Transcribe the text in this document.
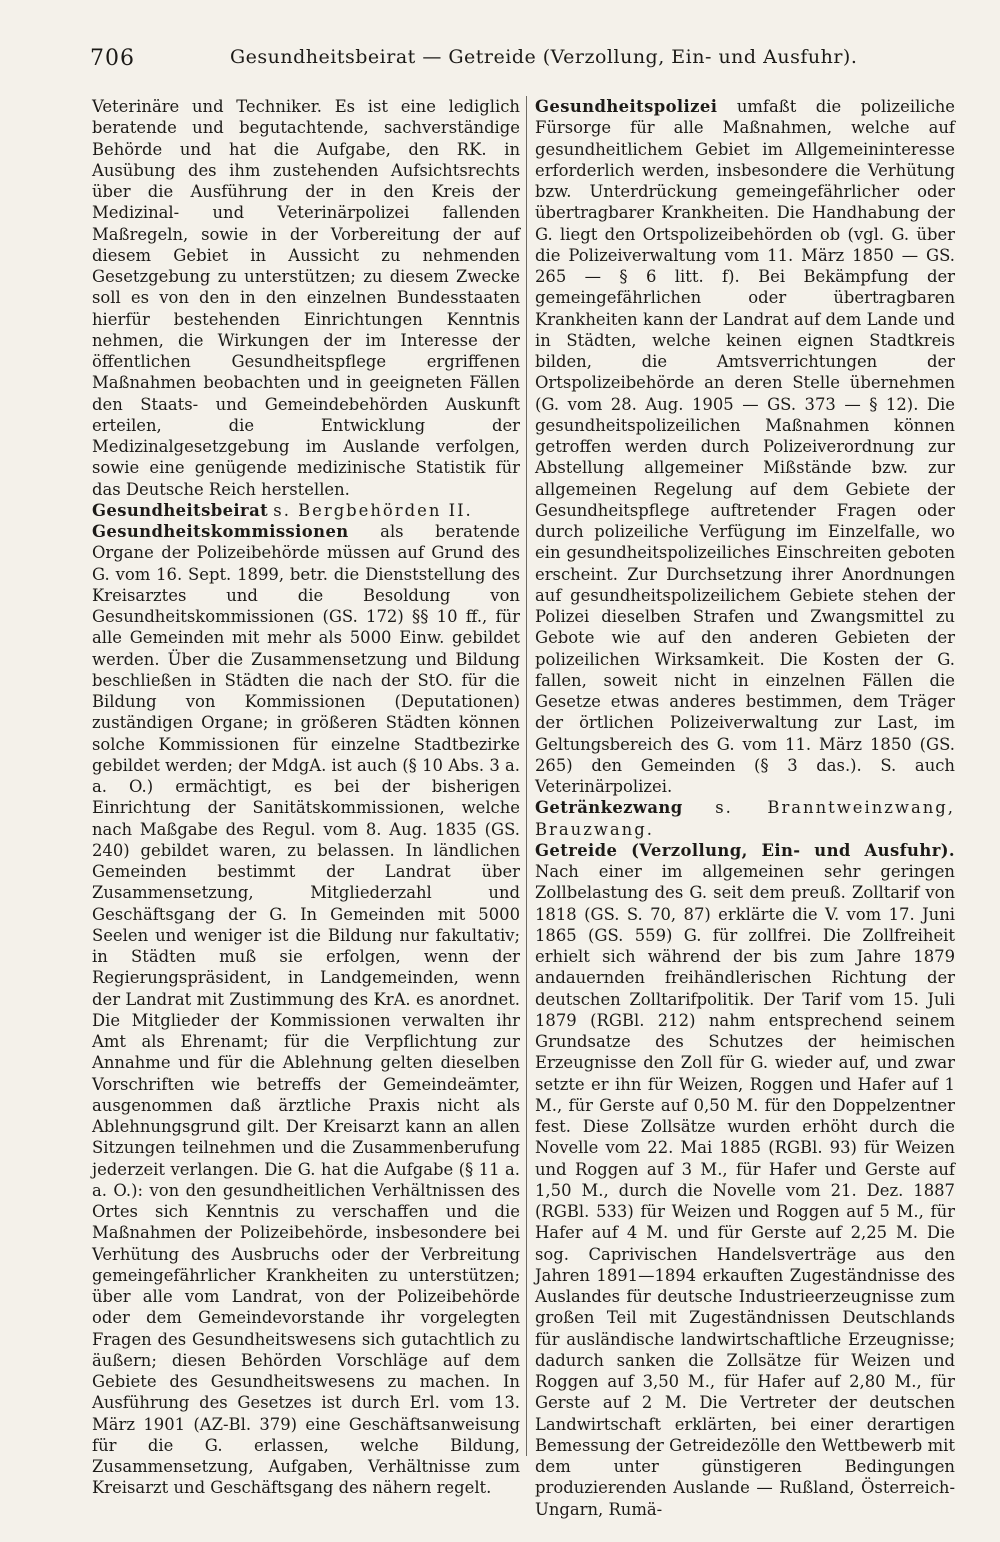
706	Gesundheitsbeirat — Getreide (Verzollung, Ein- und Ausfuhr).

Veterinäre und Techniker. Es ist eine lediglich beratende und begutachtende, sachverständige Behörde und hat die Aufgabe, den RK. in Ausübung des ihm zustehenden Aufsichtsrechts über die Ausführung der in den Kreis der Medizinal- und Veterinärpolizei fallenden Maßregeln, sowie in der Vorbereitung der auf diesem Gebiet in Aussicht zu nehmenden Gesetzgebung zu unterstützen; zu diesem Zwecke soll es von den in den einzelnen Bundesstaaten hierfür bestehenden Einrichtungen Kenntnis nehmen, die Wirkungen der im Interesse der öffentlichen Gesundheitspflege ergriffenen Maßnahmen beobachten und in geeigneten Fällen den Staats- und Gemeindebehörden Auskunft erteilen, die Entwicklung der Medizinalgesetzgebung im Auslande verfolgen, sowie eine genügende medizinische Statistik für das Deutsche Reich herstellen.

Gesundheitsbeirat s. Bergbehörden II.

Gesundheitskommissionen als beratende Organe der Polizeibehörde müssen auf Grund des G. vom 16. Sept. 1899, betr. die Dienststellung des Kreisarztes und die Besoldung von Gesundheitskommissionen (GS. 172) §§ 10 ff., für alle Gemeinden mit mehr als 5000 Einw. gebildet werden. Über die Zusammensetzung und Bildung beschließen in Städten die nach der StO. für die Bildung von Kommissionen (Deputationen) zuständigen Organe; in größeren Städten können solche Kommissionen für einzelne Stadtbezirke gebildet werden; der MdgA. ist auch (§ 10 Abs. 3 a. a. O.) ermächtigt, es bei der bisherigen Einrichtung der Sanitätskommissionen, welche nach Maßgabe des Regul. vom 8. Aug. 1835 (GS. 240) gebildet waren, zu belassen. In ländlichen Gemeinden bestimmt der Landrat über Zusammensetzung, Mitgliederzahl und Geschäftsgang der G. In Gemeinden mit 5000 Seelen und weniger ist die Bildung nur fakultativ; in Städten muß sie erfolgen, wenn der Regierungspräsident, in Landgemeinden, wenn der Landrat mit Zustimmung des KrA. es anordnet. Die Mitglieder der Kommissionen verwalten ihr Amt als Ehrenamt; für die Verpflichtung zur Annahme und für die Ablehnung gelten dieselben Vorschriften wie betreffs der Gemeindeämter, ausgenommen daß ärztliche Praxis nicht als Ablehnungsgrund gilt. Der Kreisarzt kann an allen Sitzungen teilnehmen und die Zusammenberufung jederzeit verlangen. Die G. hat die Aufgabe (§ 11 a. a. O.): von den gesundheitlichen Verhältnissen des Ortes sich Kenntnis zu verschaffen und die Maßnahmen der Polizeibehörde, insbesondere bei Verhütung des Ausbruchs oder der Verbreitung gemeingefährlicher Krankheiten zu unterstützen; über alle vom Landrat, von der Polizeibehörde oder dem Gemeindevorstande ihr vorgelegten Fragen des Gesundheitswesens sich gutachtlich zu äußern; diesen Behörden Vorschläge auf dem Gebiete des Gesundheitswesens zu machen. In Ausführung des Gesetzes ist durch Erl. vom 13. März 1901 (AZ-Bl. 379) eine Geschäftsanweisung für die G. erlassen, welche Bildung, Zusammensetzung, Aufgaben, Verhältnisse zum Kreisarzt und Geschäftsgang des nähern regelt.

Gesundheitspolizei umfaßt die polizeiliche Fürsorge für alle Maßnahmen, welche auf gesundheitlichem Gebiet im Allgemeininteresse erforderlich werden, insbesondere die Verhütung bzw. Unterdrückung gemeingefährlicher oder übertragbarer Krankheiten. Die Handhabung der G. liegt den Ortspolizeibehörden ob (vgl. G. über die Polizeiverwaltung vom 11. März 1850 — GS. 265 — § 6 litt. f). Bei Bekämpfung der gemeingefährlichen oder übertragbaren Krankheiten kann der Landrat auf dem Lande und in Städten, welche keinen eignen Stadtkreis bilden, die Amtsverrichtungen der Ortspolizeibehörde an deren Stelle übernehmen (G. vom 28. Aug. 1905 — GS. 373 — § 12). Die gesundheitspolizeilichen Maßnahmen können getroffen werden durch Polizeiverordnung zur Abstellung allgemeiner Mißstände bzw. zur allgemeinen Regelung auf dem Gebiete der Gesundheitspflege auftretender Fragen oder durch polizeiliche Verfügung im Einzelfalle, wo ein gesundheitspolizeiliches Einschreiten geboten erscheint. Zur Durchsetzung ihrer Anordnungen auf gesundheitspolizeilichem Gebiete stehen der Polizei dieselben Strafen und Zwangsmittel zu Gebote wie auf den anderen Gebieten der polizeilichen Wirksamkeit. Die Kosten der G. fallen, soweit nicht in einzelnen Fällen die Gesetze etwas anderes bestimmen, dem Träger der örtlichen Polizeiverwaltung zur Last, im Geltungsbereich des G. vom 11. März 1850 (GS. 265) den Gemeinden (§ 3 das.). S. auch Veterinärpolizei.

Getränkezwang s. Branntweinzwang, Brauzwang.

Getreide (Verzollung, Ein- und Ausfuhr). Nach einer im allgemeinen sehr geringen Zollbelastung des G. seit dem preuß. Zolltarif von 1818 (GS. S. 70, 87) erklärte die V. vom 17. Juni 1865 (GS. 559) G. für zollfrei. Die Zollfreiheit erhielt sich während der bis zum Jahre 1879 andauernden freihändlerischen Richtung der deutschen Zolltarifpolitik. Der Tarif vom 15. Juli 1879 (RGBl. 212) nahm entsprechend seinem Grundsatze des Schutzes der heimischen Erzeugnisse den Zoll für G. wieder auf, und zwar setzte er ihn für Weizen, Roggen und Hafer auf 1 M., für Gerste auf 0,50 M. für den Doppelzentner fest. Diese Zollsätze wurden erhöht durch die Novelle vom 22. Mai 1885 (RGBl. 93) für Weizen und Roggen auf 3 M., für Hafer und Gerste auf 1,50 M., durch die Novelle vom 21. Dez. 1887 (RGBl. 533) für Weizen und Roggen auf 5 M., für Hafer auf 4 M. und für Gerste auf 2,25 M. Die sog. Caprivischen Handelsverträge aus den Jahren 1891—1894 erkauften Zugeständnisse des Auslandes für deutsche Industrieerzeugnisse zum großen Teil mit Zugeständnissen Deutschlands für ausländische landwirtschaftliche Erzeugnisse; dadurch sanken die Zollsätze für Weizen und Roggen auf 3,50 M., für Hafer auf 2,80 M., für Gerste auf 2 M. Die Vertreter der deutschen Landwirtschaft erklärten, bei einer derartigen Bemessung der Getreidezölle den Wettbewerb mit dem unter günstigeren Bedingungen produzierenden Auslande — Rußland, Österreich-Ungarn, Rumä-
